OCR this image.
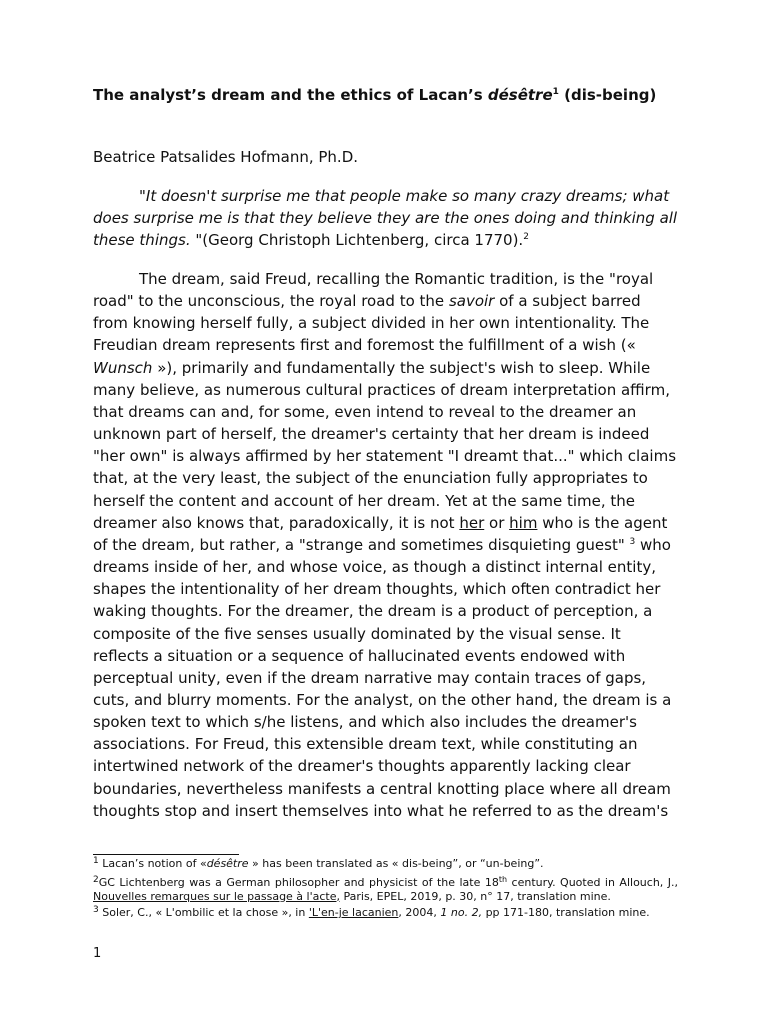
The analyst’s dream and the ethics of Lacan’s désêtre$^1$ (dis-being)

Beatrice Patsalides Hofmann, Ph.D.

"It doesn't surprise me that people make so many crazy dreams; what does surprise me is that they believe they are the ones doing and thinking all these things. "(Georg Christoph Lichtenberg, circa 1770).$^2$

The dream, said Freud, recalling the Romantic tradition, is the "royal road" to the unconscious, the royal road to the savoir of a subject barred from knowing herself fully, a subject divided in her own intentionality. The Freudian dream represents first and foremost the fulfillment of a wish (« Wunsch »), primarily and fundamentally the subject's wish to sleep. While many believe, as numerous cultural practices of dream interpretation affirm, that dreams can and, for some, even intend to reveal to the dreamer an unknown part of herself, the dreamer's certainty that her dream is indeed "her own" is always affirmed by her statement "I dreamt that..." which claims that, at the very least, the subject of the enunciation fully appropriates to herself the content and account of her dream. Yet at the same time, the dreamer also knows that, paradoxically, it is not her or him who is the agent of the dream, but rather, a "strange and sometimes disquieting guest" $^3$ who dreams inside of her, and whose voice, as though a distinct internal entity, shapes the intentionality of her dream thoughts, which often contradict her waking thoughts. For the dreamer, the dream is a product of perception, a composite of the five senses usually dominated by the visual sense. It reflects a situation or a sequence of hallucinated events endowed with perceptual unity, even if the dream narrative may contain traces of gaps, cuts, and blurry moments. For the analyst, on the other hand, the dream is a spoken text to which s/he listens, and which also includes the dreamer's associations. For Freud, this extensible dream text, while constituting an intertwined network of the dreamer's thoughts apparently lacking clear boundaries, nevertheless manifests a central knotting place where all dream thoughts stop and insert themselves into what he referred to as the dream's

$^1$ Lacan’s notion of «désêtre » has been translated as « dis-being”, or “un-being”.

$^2$GC Lichtenberg was a German philosopher and physicist of the late 18th century. Quoted in Allouch, J., Nouvelles remarques sur le passage à l'acte, Paris, EPEL, 2019, p. 30, n° 17, translation mine.

$^3$ Soler, C., « L'ombilic et la chose », in 'L'en-je lacanien, 2004, 1 no. 2, pp 171-180, translation mine.

1
